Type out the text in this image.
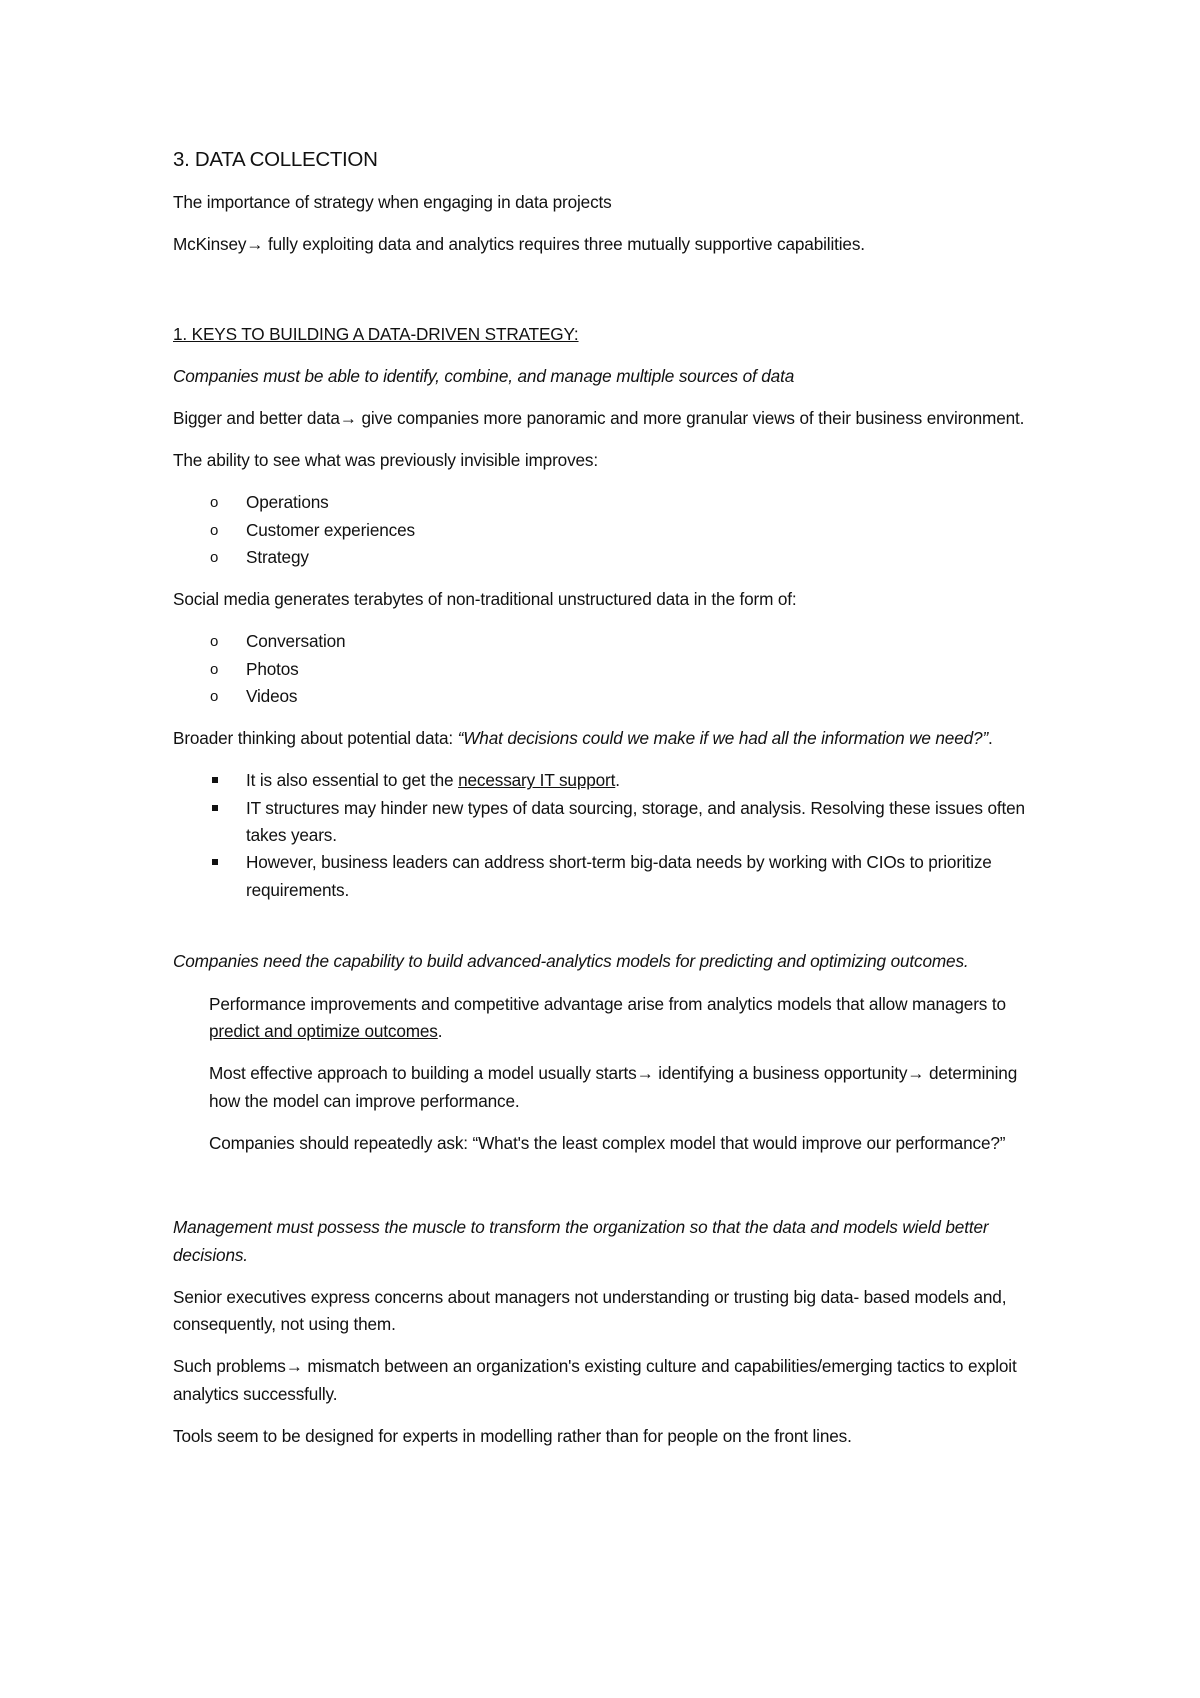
3. DATA COLLECTION

The importance of strategy when engaging in data projects

McKinsey→ fully exploiting data and analytics requires three mutually supportive capabilities.

1. KEYS TO BUILDING A DATA-DRIVEN STRATEGY:

Companies must be able to identify, combine, and manage multiple sources of data

Bigger and better data→ give companies more panoramic and more granular views of their business environment.

The ability to see what was previously invisible improves:

o Operations
o Customer experiences
o Strategy

Social media generates terabytes of non-traditional unstructured data in the form of:

o Conversation
o Photos
o Videos

Broader thinking about potential data: “What decisions could we make if we had all the information we need?”.

It is also essential to get the necessary IT support.
IT structures may hinder new types of data sourcing, storage, and analysis. Resolving these issues often takes years.
However, business leaders can address short-term big-data needs by working with CIOs to prioritize requirements.

Companies need the capability to build advanced-analytics models for predicting and optimizing outcomes.

Performance improvements and competitive advantage arise from analytics models that allow managers to predict and optimize outcomes.

Most effective approach to building a model usually starts→ identifying a business opportunity→ determining how the model can improve performance.

Companies should repeatedly ask: “What's the least complex model that would improve our performance?”

Management must possess the muscle to transform the organization so that the data and models wield better decisions.

Senior executives express concerns about managers not understanding or trusting big data- based models and, consequently, not using them.

Such problems→ mismatch between an organization's existing culture and capabilities/emerging tactics to exploit analytics successfully.

Tools seem to be designed for experts in modelling rather than for people on the front lines.
